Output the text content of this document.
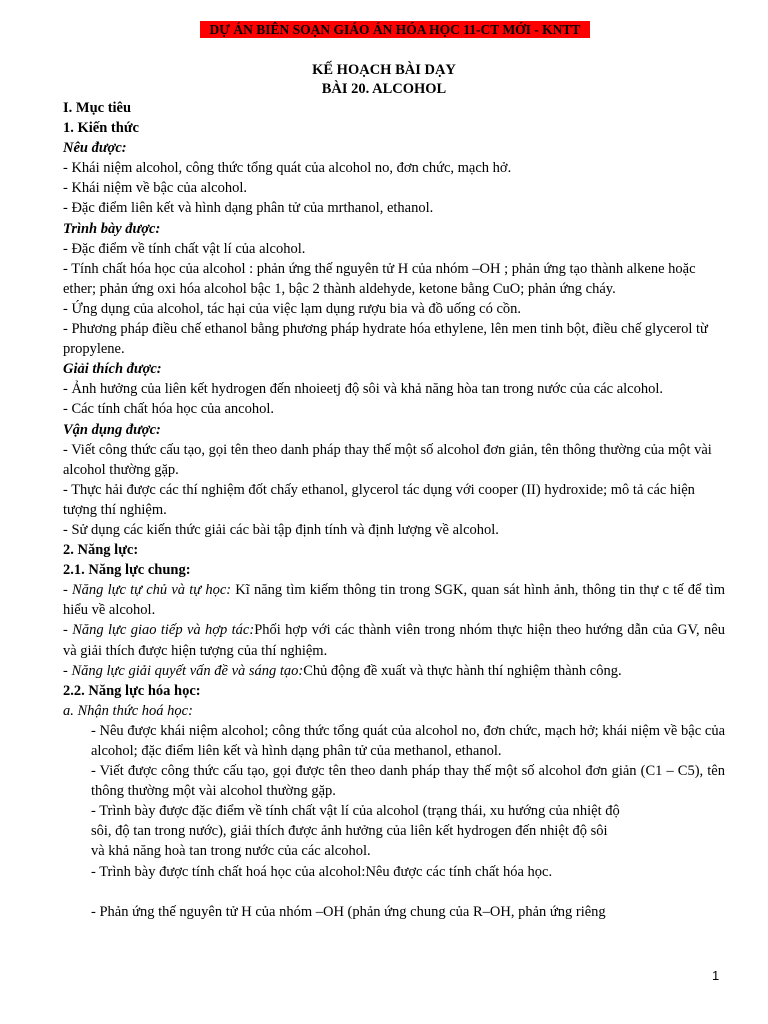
DỰ ÁN BIÊN SOẠN GIÁO ÁN HÓA HỌC 11-CT MỚI - KNTT
KẾ HOẠCH BÀI DẠY
BÀI 20. ALCOHOL
I. Mục tiêu
1. Kiến thức
Nêu được:
- Khái niệm alcohol, công thức tổng quát của alcohol no, đơn chức, mạch hở.
- Khái niệm về bậc của alcohol.
- Đặc điểm liên kết và hình dạng phân tử của mrthanol, ethanol.
Trình bày được:
- Đặc điểm về tính chất vật lí của alcohol.
- Tính chất hóa học của alcohol : phản ứng thế nguyên tử H của nhóm –OH ; phản ứng tạo thành alkene hoặc ether; phản ứng oxi hóa alcohol bậc 1, bậc 2 thành aldehyde, ketone bằng CuO; phản ứng cháy.
- Ứng dụng của alcohol, tác hại của việc lạm dụng rượu bia và đồ uống có cồn.
- Phương pháp điều chế ethanol bằng phương pháp hydrate hóa ethylene, lên men tinh bột, điều chế glycerol từ propylene.
Giải thích được:
- Ảnh hưởng của liên kết hydrogen đến nhoieetj độ sôi và khả năng hòa tan trong nước của các alcohol.
- Các tính chất hóa học của ancohol.
Vận dụng được:
- Viết công thức cấu tạo, gọi tên theo danh pháp thay thế một số alcohol đơn giản, tên thông thường của một vài alcohol thường gặp.
- Thực hải được các thí nghiệm đốt chấy ethanol, glycerol tác dụng với cooper (II) hydroxide; mô tả các hiện tượng thí nghiệm.
- Sử dụng các kiến thức giải các bài tập định tính và định lượng về alcohol.
2. Năng lực:
2.1. Năng lực chung:
- Năng lực tự chủ và tự học: Kĩ năng tìm kiếm thông tin trong SGK, quan sát hình ảnh, thông tin thự c tế để tìm hiểu về alcohol.
- Năng lực giao tiếp và hợp tác:Phối hợp với các thành viên trong nhóm thực hiện theo hướng dẫn của GV, nêu và giải thích được hiện tượng của thí nghiệm.
- Năng lực giải quyết vấn đề và sáng tạo:Chủ động đề xuất và thực hành thí nghiệm thành công.
2.2. Năng lực hóa học:
a. Nhận thức hoá học:
- Nêu được khái niệm alcohol; công thức tổng quát của alcohol no, đơn chức, mạch hở; khái niệm về bậc của alcohol; đặc điểm liên kết và hình dạng phân tử của methanol, ethanol.
- Viết được công thức cấu tạo, gọi được tên theo danh pháp thay thế một số alcohol đơn giản (C1 – C5), tên thông thường một vài alcohol thường gặp.
- Trình bày được đặc điểm về tính chất vật lí của alcohol (trạng thái, xu hướng của nhiệt độ
sôi, độ tan trong nước), giải thích được ảnh hưởng của liên kết hydrogen đến nhiệt độ sôi
và khả năng hoà tan trong nước của các alcohol.
- Trình bày được tính chất hoá học của alcohol:Nêu được các tính chất hóa học.
- Phản ứng thế nguyên tử H của nhóm –OH (phản ứng chung của R–OH, phản ứng riêng
1
